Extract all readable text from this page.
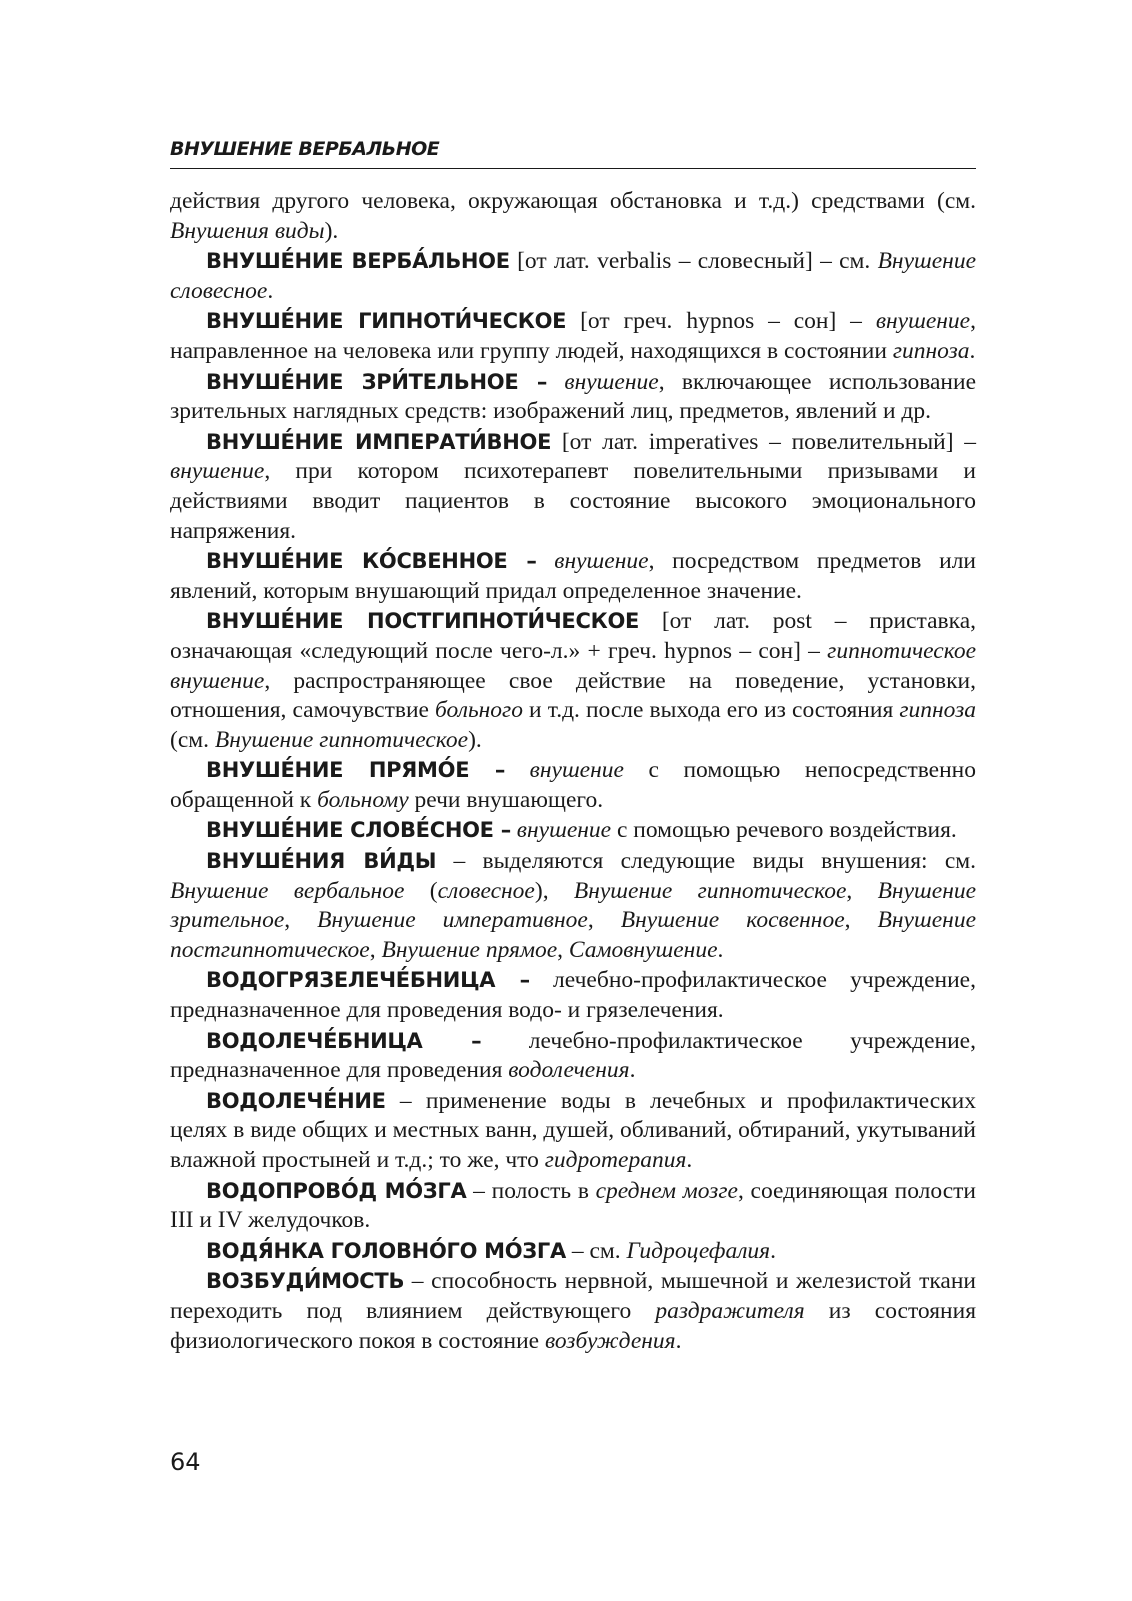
ВНУШЕНИЕ ВЕРБАЛЬНОЕ

действия другого человека, окружающая обстановка и т.д.) средствами (см. Внушения виды).

ВНУШЕ́НИЕ ВЕРБА́ЛЬНОЕ [от лат. verbalis – словесный] – см. Внушение словесное.

ВНУШЕ́НИЕ ГИПНОТИ́ЧЕСКОЕ [от греч. hypnos – сон] – внушение, направленное на человека или группу людей, находящихся в состоянии гипноза.

ВНУШЕ́НИЕ ЗРИ́ТЕЛЬНОЕ – внушение, включающее использование зрительных наглядных средств: изображений лиц, предметов, явлений и др.

ВНУШЕ́НИЕ ИМПЕРАТИ́ВНОЕ [от лат. imperatives – повелительный] – внушение, при котором психотерапевт повелительными призывами и действиями вводит пациентов в состояние высокого эмоционального напряжения.

ВНУШЕ́НИЕ КО́СВЕННОЕ – внушение, посредством предметов или явлений, которым внушающий придал определенное значение.

ВНУШЕ́НИЕ ПОСТГИПНОТИ́ЧЕСКОЕ [от лат. post – приставка, означающая «следующий после чего-л.» + греч. hypnos – сон] – гипнотическое внушение, распространяющее свое действие на поведение, установки, отношения, самочувствие больного и т.д. после выхода его из состояния гипноза (см. Внушение гипнотическое).

ВНУШЕ́НИЕ ПРЯМО́Е – внушение с помощью непосредственно обращенной к больному речи внушающего.

ВНУШЕ́НИЕ СЛОВЕ́СНОЕ – внушение с помощью речевого воздействия.

ВНУШЕ́НИЯ ВИ́ДЫ – выделяются следующие виды внушения: см. Внушение вербальное (словесное), Внушение гипнотическое, Внушение зрительное, Внушение императивное, Внушение косвенное, Внушение постгипнотическое, Внушение прямое, Самовнушение.

ВОДОГРЯЗЕЛЕЧЕ́БНИЦА – лечебно-профилактическое учреждение, предназначенное для проведения водо- и грязелечения.

ВОДОЛЕЧЕ́БНИЦА – лечебно-профилактическое учреждение, предназначенное для проведения водолечения.

ВОДОЛЕЧЕ́НИЕ – применение воды в лечебных и профилактических целях в виде общих и местных ванн, душей, обливаний, обтираний, укутываний влажной простыней и т.д.; то же, что гидротерапия.

ВОДОПРОВО́Д МО́ЗГА – полость в среднем мозге, соединяющая полости III и IV желудочков.

ВОДЯ́НКА ГОЛОВНО́ГО МО́ЗГА – см. Гидроцефалия.

ВОЗБУДИ́МОСТЬ – способность нервной, мышечной и железистой ткани переходить под влиянием действующего раздражителя из состояния физиологического покоя в состояние возбуждения.

64
